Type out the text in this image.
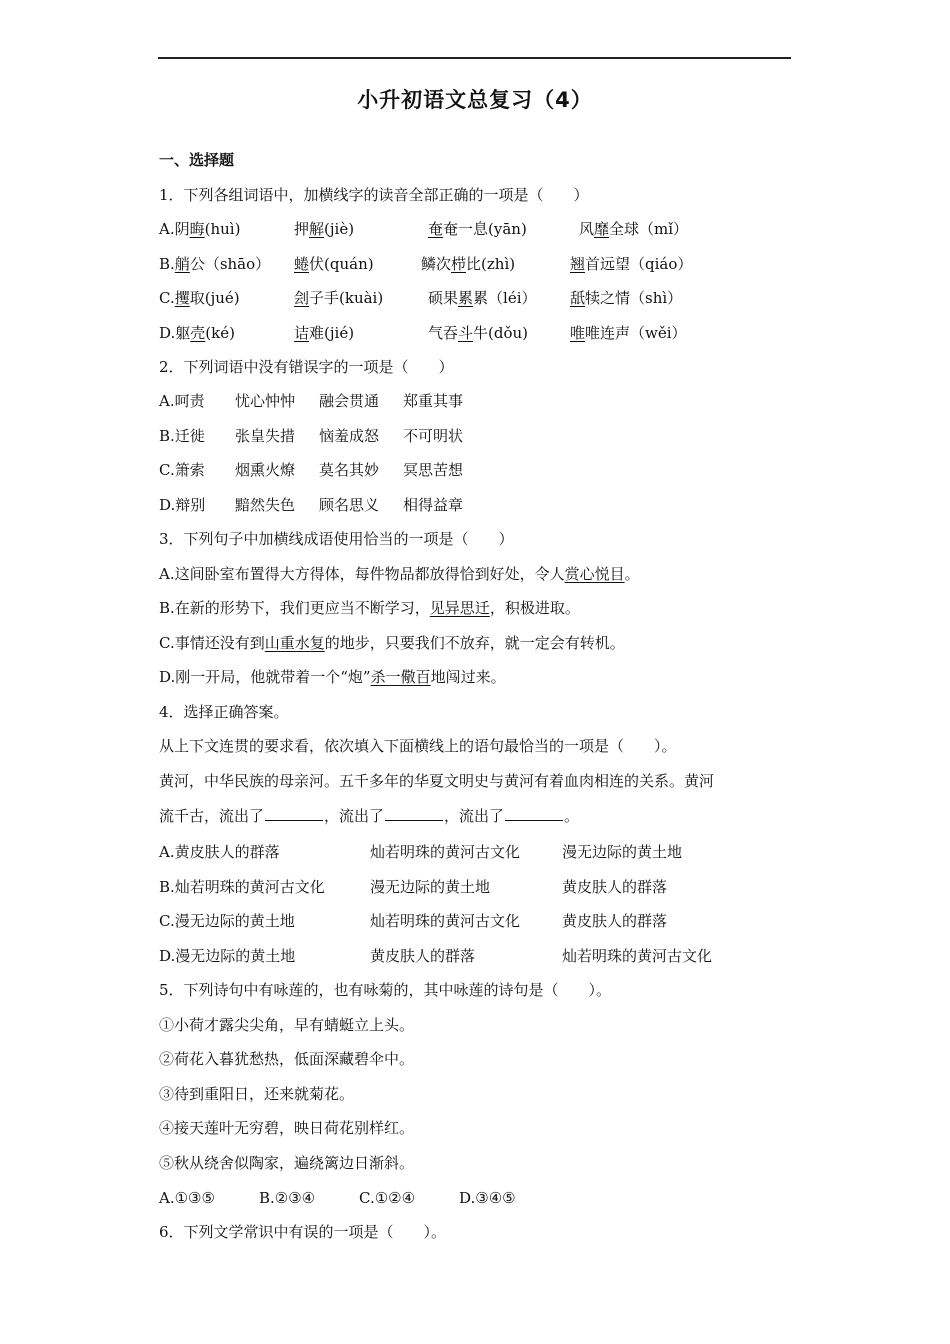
小升初语文总复习（4）
一、选择题
1．下列各组词语中，加横线字的读音全部正确的一项是（　　）
A.阴晦(huì)	押解(jiè)	奄奄一息(yān)	风靡全球（mǐ）
B.艄公（shāo） 蜷伏(quán)	鳞次栉比(zhì)	翘首远望（qiáo）
C.攫取(jué)	刽子手(kuài)	硕果累累（léi） 舐犊之情（shì）
D.躯壳(ké)	诘难(jié)	气吞斗牛(dǒu)	唯唯连声（wěi）
2．下列词语中没有错误字的一项是（　　）
A.呵责 忧心忡忡 融会贯通 郑重其事
B.迁徙 张皇失措 恼羞成怒 不可明状
C.箫索 烟熏火燎 莫名其妙 冥思苦想
D.辩别 黯然失色 顾名思义 相得益章
3．下列句子中加横线成语使用恰当的一项是（　　）
A.这间卧室布置得大方得体，每件物品都放得恰到好处，令人赏心悦目。
B.在新的形势下，我们更应当不断学习，见异思迁，积极进取。
C.事情还没有到山重水复的地步，只要我们不放弃，就一定会有转机。
D.刚一开局，他就带着一个“炮”杀一儆百地闯过来。
4．选择正确答案。
从上下文连贯的要求看，依次填入下面横线上的语句最恰当的一项是（　　）。
黄河，中华民族的母亲河。五千多年的华夏文明史与黄河有着血肉相连的关系。黄河
流千古，流出了	，流出了	，流出了	。
A.黄皮肤人的群落	灿若明珠的黄河古文化	漫无边际的黄土地
B.灿若明珠的黄河古文化	漫无边际的黄土地	黄皮肤人的群落
C.漫无边际的黄土地	灿若明珠的黄河古文化	黄皮肤人的群落
D.漫无边际的黄土地	黄皮肤人的群落	灿若明珠的黄河古文化
5．下列诗句中有咏莲的，也有咏菊的，其中咏莲的诗句是（　　）。
①小荷才露尖尖角，早有蜻蜓立上头。
②荷花入暮犹愁热，低面深藏碧伞中。
③待到重阳日，还来就菊花。
④接天莲叶无穷碧，映日荷花别样红。
⑤秋从绕舍似陶家，遍绕篱边日渐斜。
A.①③⑤	B.②③④	C.①②④	D.③④⑤
6．下列文学常识中有误的一项是（　　）。
